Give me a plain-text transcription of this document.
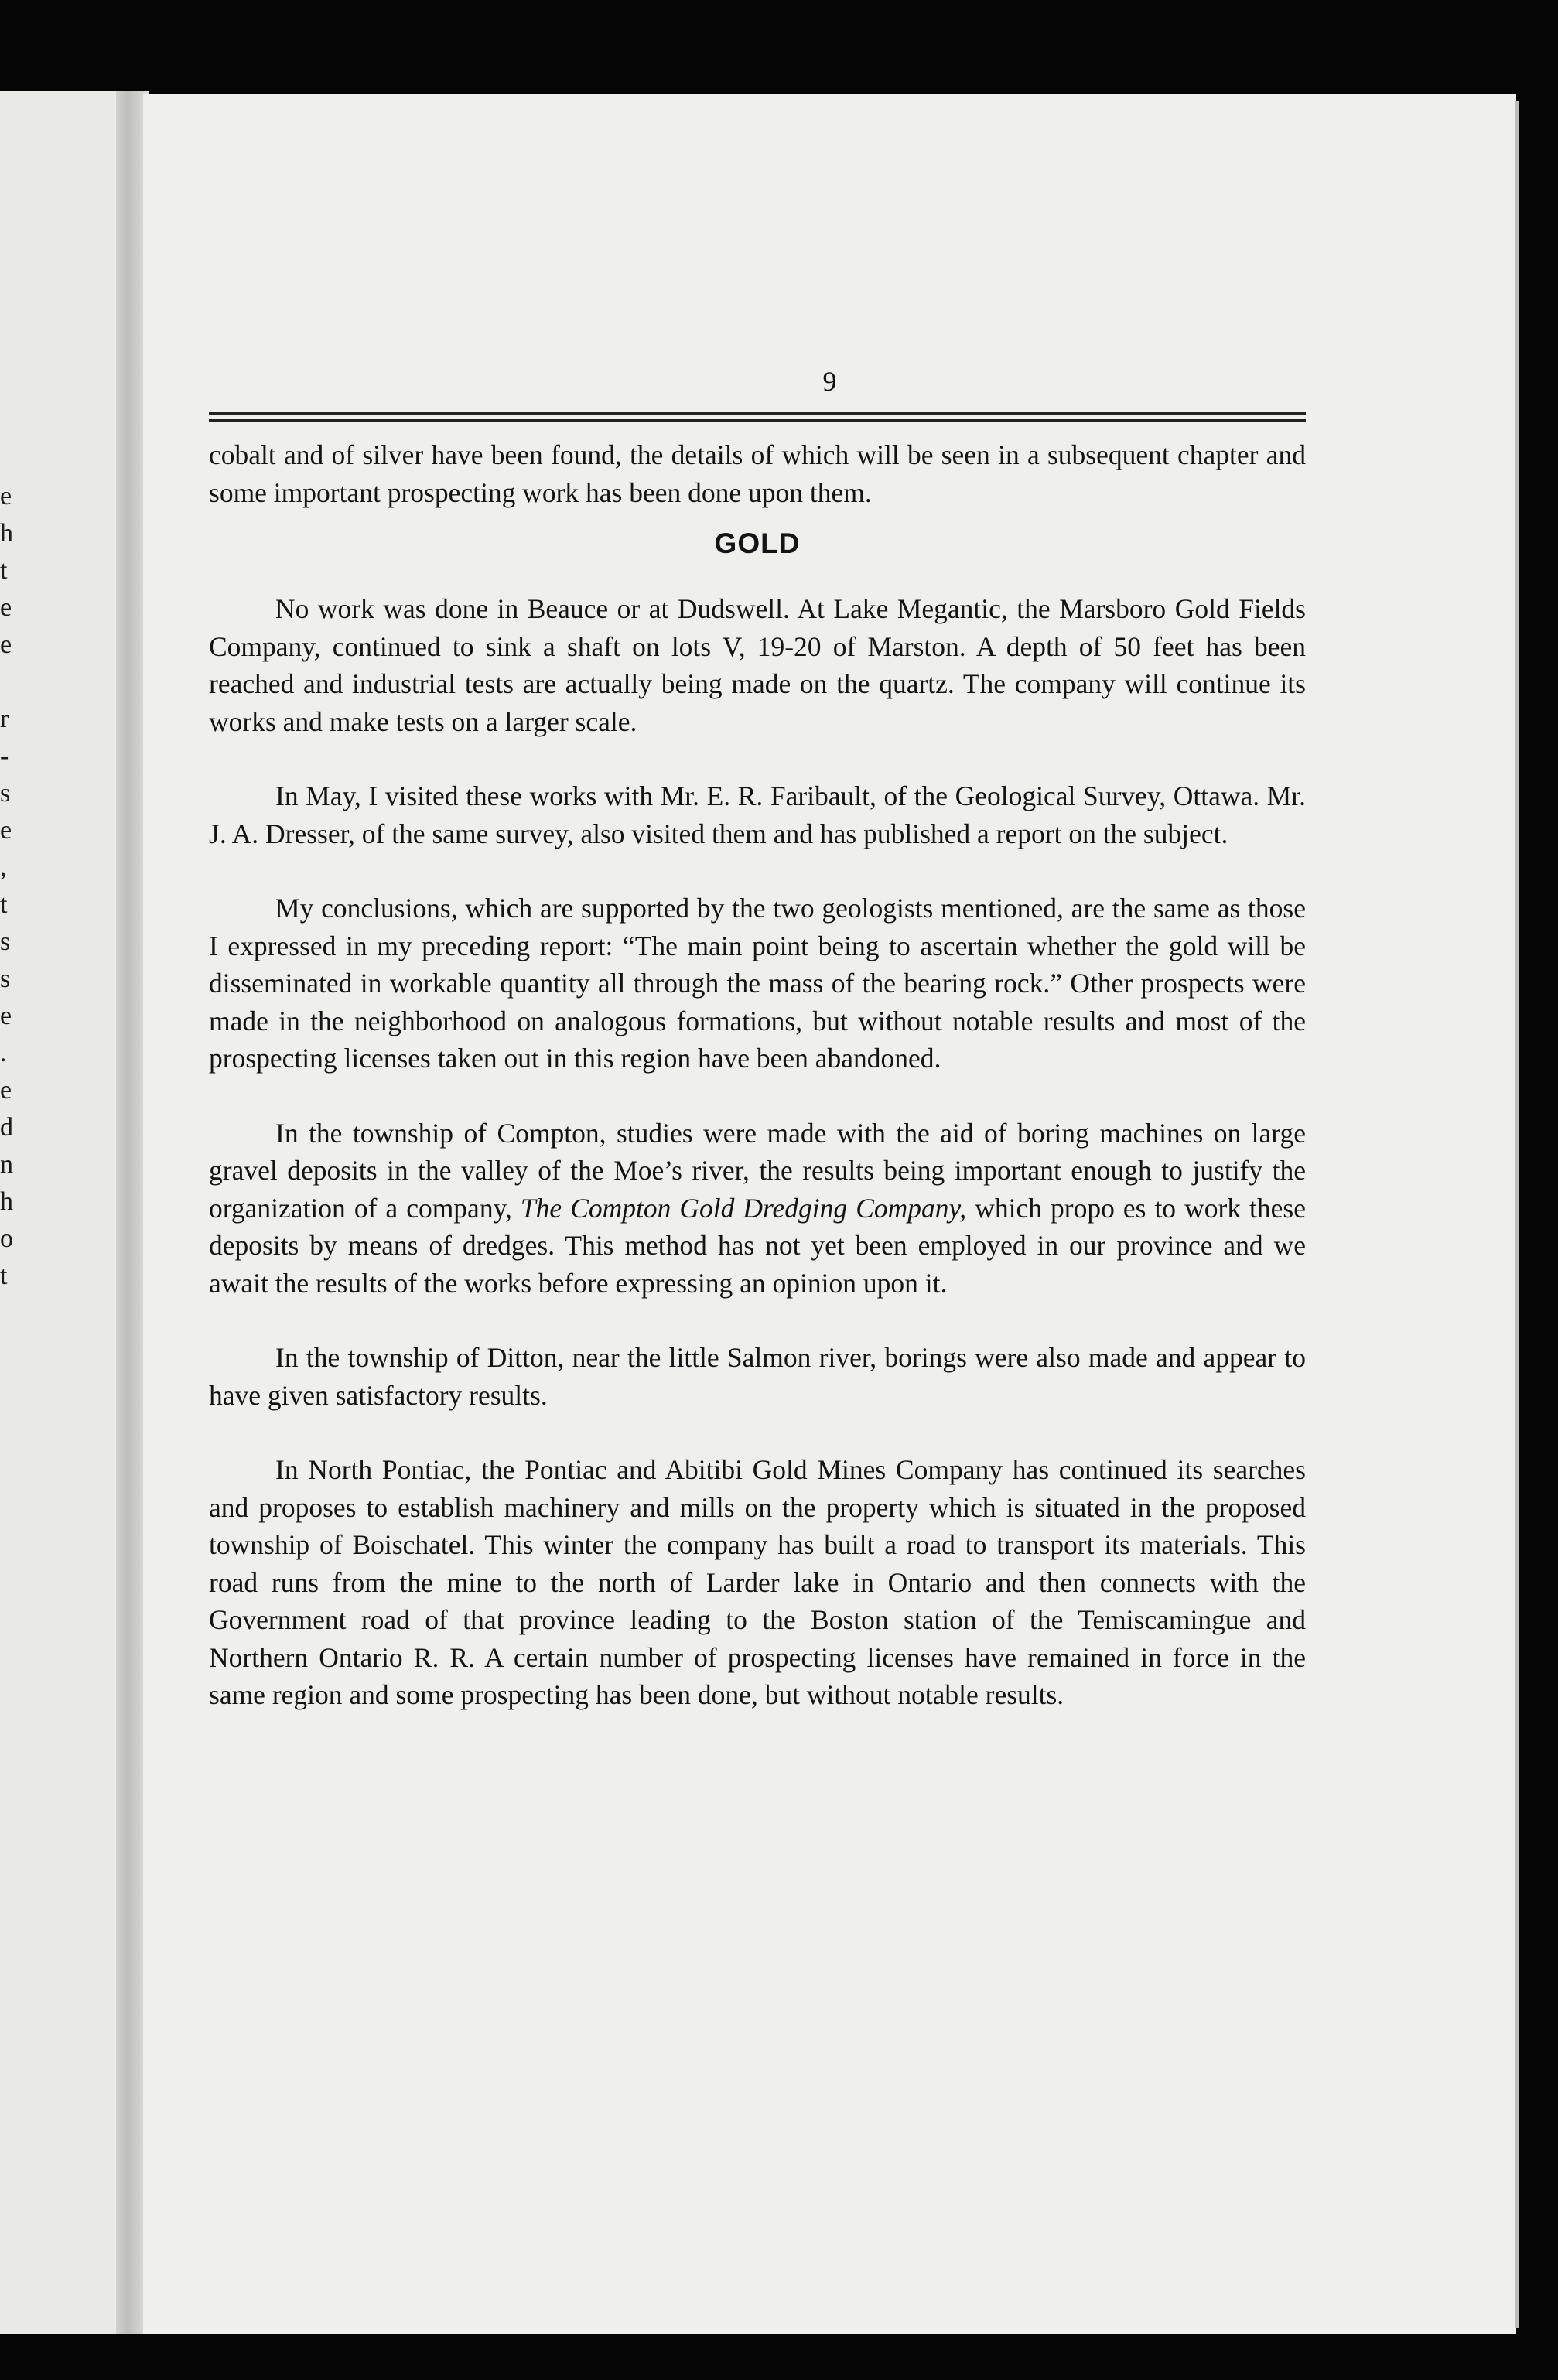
e
h
t
e
e
r
-
s
e
,
t
s
s
e
.
e
d
n
h
o
t
9

cobalt and of silver have been found, the details of which will be seen in a subsequent chapter and some important prospecting work has been done upon them.

GOLD

No work was done in Beauce or at Dudswell. At Lake Megantic, the Marsboro Gold Fields Company, continued to sink a shaft on lots V, 19-20 of Marston. A depth of 50 feet has been reached and industrial tests are actually being made on the quartz. The company will continue its works and make tests on a larger scale.

In May, I visited these works with Mr. E. R. Faribault, of the Geological Survey, Ottawa. Mr. J. A. Dresser, of the same survey, also visited them and has published a report on the subject.

My conclusions, which are supported by the two geologists mentioned, are the same as those I expressed in my preceding report: “The main point being to ascertain whether the gold will be disseminated in workable quantity all through the mass of the bearing rock.” Other prospects were made in the neighborhood on analogous formations, but without notable results and most of the prospecting licenses taken out in this region have been abandoned.

In the township of Compton, studies were made with the aid of boring machines on large gravel deposits in the valley of the Moe’s river, the results being important enough to justify the organization of a company, The Compton Gold Dredging Company, which propo es to work these deposits by means of dredges. This method has not yet been employed in our province and we await the results of the works before expressing an opinion upon it.

In the township of Ditton, near the little Salmon river, borings were also made and appear to have given satisfactory results.

In North Pontiac, the Pontiac and Abitibi Gold Mines Company has continued its searches and proposes to establish machinery and mills on the property which is situated in the proposed township of Boischatel. This winter the company has built a road to transport its materials. This road runs from the mine to the north of Larder lake in Ontario and then connects with the Government road of that province leading to the Boston station of the Temiscamingue and Northern Ontario R. R. A certain number of prospecting licenses have remained in force in the same region and some prospecting has been done, but without notable results.
